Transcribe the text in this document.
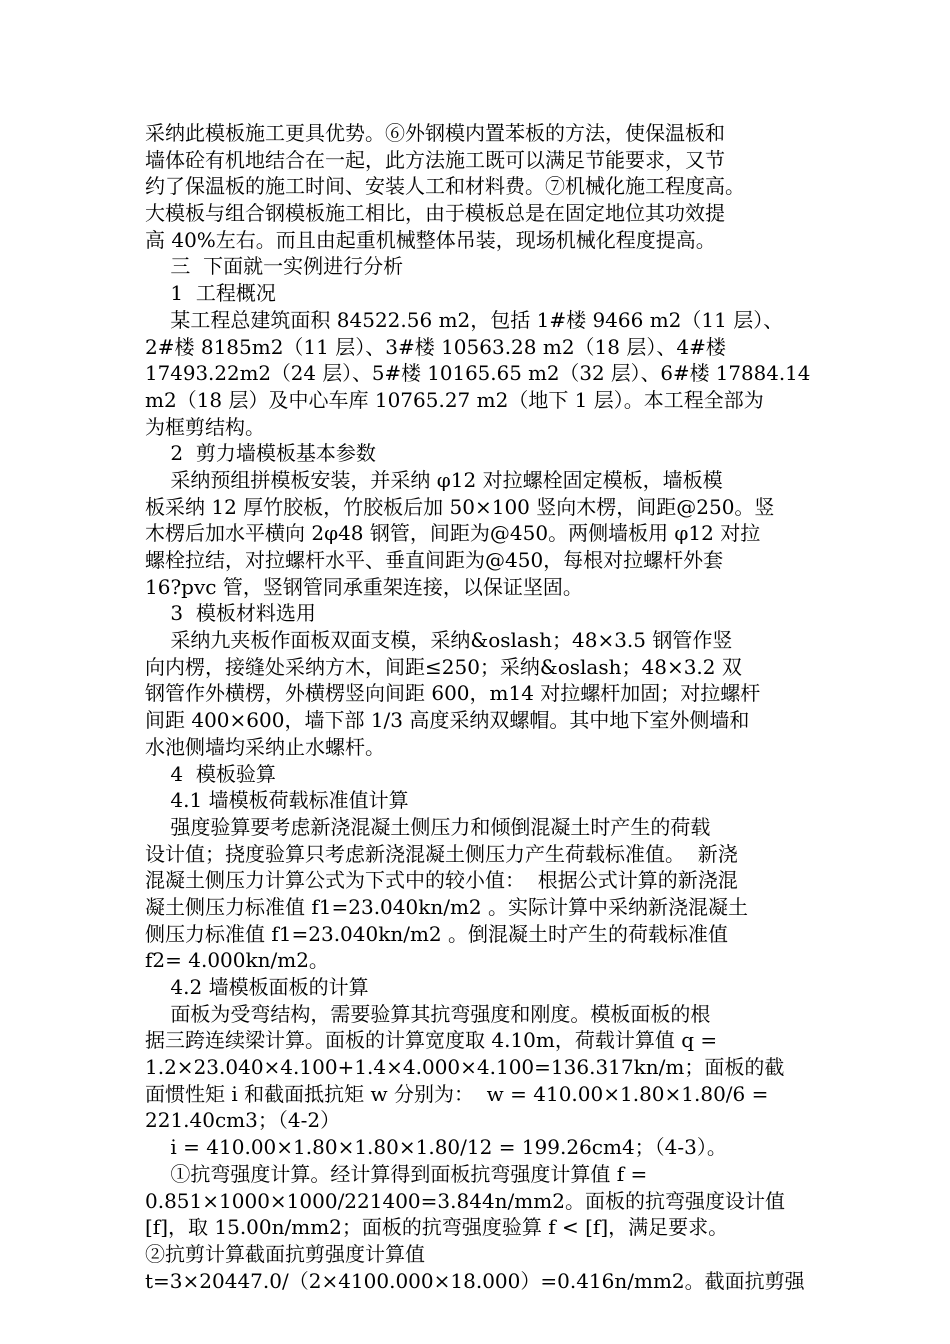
采纳此模板施工更具优势。⑥外钢模内置苯板的方法，使保温板和
墙体砼有机地结合在一起，此方法施工既可以满足节能要求，又节
约了保温板的施工时间、安装人工和材料费。⑦机械化施工程度高。
大模板与组合钢模板施工相比，由于模板总是在固定地位其功效提
高 40%左右。而且由起重机械整体吊装，现场机械化程度提高。
三  下面就一实例进行分析
1  工程概况
某工程总建筑面积 84522.56 m2，包括 1#楼 9466 m2（11 层）、
2#楼 8185m2（11 层）、3#楼 10563.28 m2（18 层）、4#楼
17493.22m2（24 层）、5#楼 10165.65 m2（32 层）、6#楼 17884.14
m2（18 层）及中心车库 10765.27 m2（地下 1 层）。本工程全部为
为框剪结构。
2  剪力墙模板基本参数
采纳预组拼模板安装，并采纳 φ12 对拉螺栓固定模板，墙板模
板采纳 12 厚竹胶板，竹胶板后加 50×100 竖向木楞，间距@250。竖
木楞后加水平横向 2φ48 钢管，间距为@450。两侧墙板用 φ12 对拉
螺栓拉结，对拉螺杆水平、垂直间距为@450，每根对拉螺杆外套
16?pvc 管，竖钢管同承重架连接，以保证坚固。
3  模板材料选用
采纳九夹板作面板双面支模，采纳&oslash；48×3.5 钢管作竖
向内楞，接缝处采纳方木，间距≤250；采纳&oslash；48×3.2 双
钢管作外横楞，外横楞竖向间距 600，m14 对拉螺杆加固；对拉螺杆
间距 400×600，墙下部 1/3 高度采纳双螺帽。其中地下室外侧墙和
水池侧墙均采纳止水螺杆。
4  模板验算
4.1 墙模板荷载标准值计算
强度验算要考虑新浇混凝土侧压力和倾倒混凝土时产生的荷载
设计值；挠度验算只考虑新浇混凝土侧压力产生荷载标准值。  新浇
混凝土侧压力计算公式为下式中的较小值：  根据公式计算的新浇混
凝土侧压力标准值 f1=23.040kn/m2 。实际计算中采纳新浇混凝土
侧压力标准值 f1=23.040kn/m2 。倒混凝土时产生的荷载标准值
f2= 4.000kn/m2。
4.2 墙模板面板的计算
面板为受弯结构，需要验算其抗弯强度和刚度。模板面板的根
据三跨连续梁计算。面板的计算宽度取 4.10m，荷载计算值 q =
1.2×23.040×4.100+1.4×4.000×4.100=136.317kn/m；面板的截
面惯性矩 i 和截面抵抗矩 w 分别为：  w = 410.00×1.80×1.80/6 =
221.40cm3；（4-2）
i = 410.00×1.80×1.80×1.80/12 = 199.26cm4；（4-3）。
①抗弯强度计算。经计算得到面板抗弯强度计算值 f =
0.851×1000×1000/221400=3.844n/mm2。面板的抗弯强度设计值
[f]，取 15.00n/mm2；面板的抗弯强度验算 f < [f]，满足要求。
②抗剪计算截面抗剪强度计算值
t=3×20447.0/（2×4100.000×18.000）=0.416n/mm2。截面抗剪强
